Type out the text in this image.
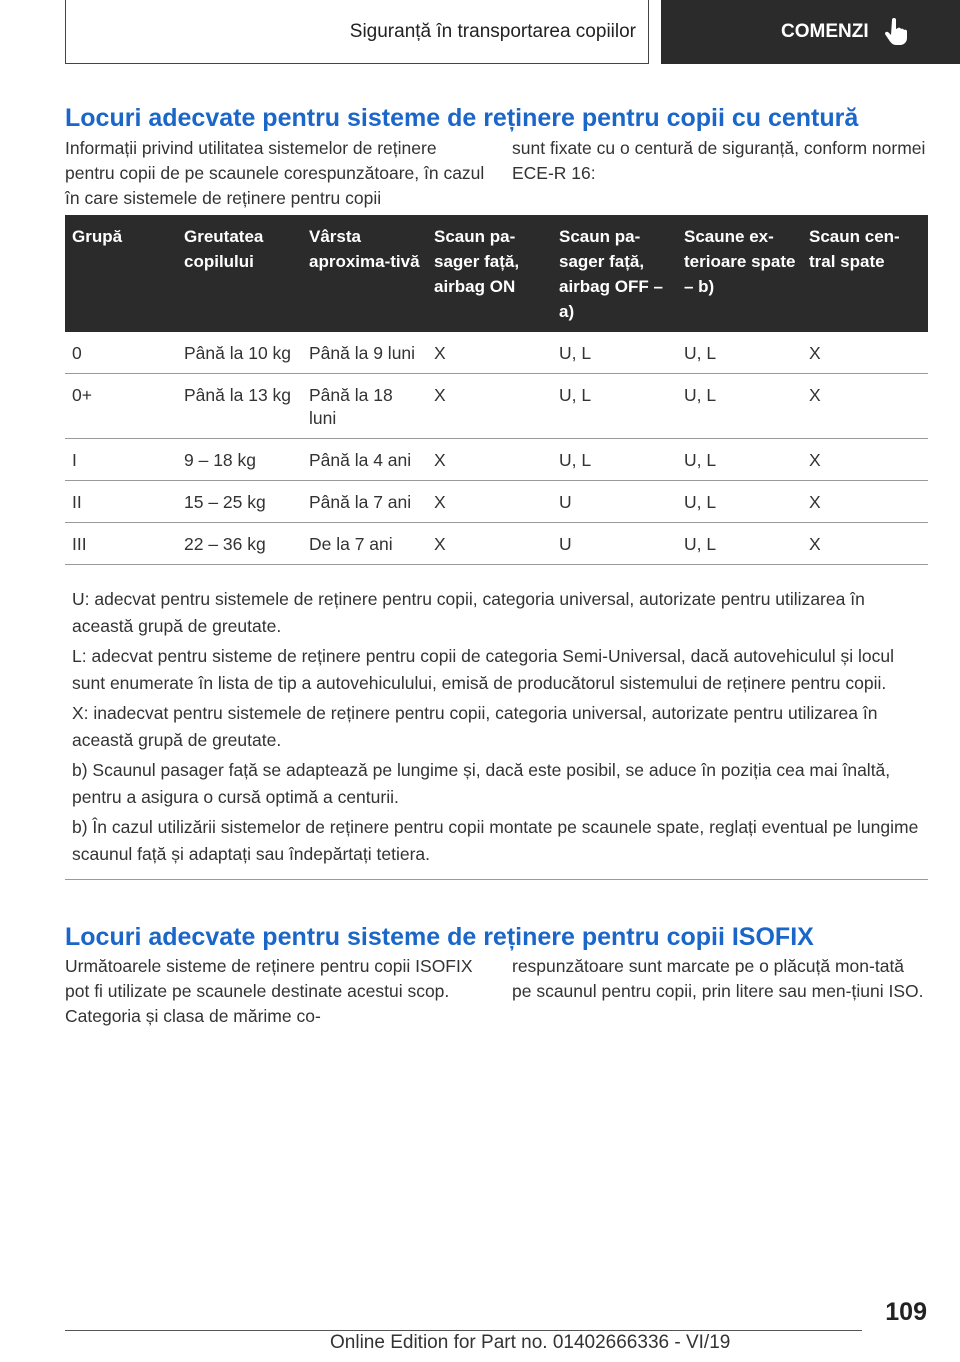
Siguranță în transportarea copiilor	COMENZI
Locuri adecvate pentru sisteme de reținere pentru copii cu centură
Informații privind utilitatea sistemelor de reținere pentru copii de pe scaunele corespunzătoare, în cazul în care sistemele de reținere pentru copii
sunt fixate cu o centură de siguranță, conform normei ECE-R 16:
Grupă	Greutatea copilului	Vârsta aproxima-tivă	Scaun pa-sager față, airbag ON	Scaun pa-sager față, airbag OFF – a)	Scaune ex-terioare spate – b)	Scaun cen-tral spate
0	Până la 10 kg	Până la 9 luni	X	U, L	U, L	X
0+	Până la 13 kg	Până la 18 luni	X	U, L	U, L	X
I	9 – 18 kg	Până la 4 ani	X	U, L	U, L	X
II	15 – 25 kg	Până la 7 ani	X	U	U, L	X
III	22 – 36 kg	De la 7 ani	X	U	U, L	X

U: adecvat pentru sistemele de reținere pentru copii, categoria universal, autorizate pentru utilizarea în această grupă de greutate.

L: adecvat pentru sisteme de reținere pentru copii de categoria Semi-Universal, dacă autovehiculul și locul sunt enumerate în lista de tip a autovehiculului, emisă de producătorul sistemului de reținere pentru copii.

X: inadecvat pentru sistemele de reținere pentru copii, categoria universal, autorizate pentru utilizarea în această grupă de greutate.

b) Scaunul pasager față se adaptează pe lungime și, dacă este posibil, se aduce în poziția cea mai înaltă, pentru a asigura o cursă optimă a centurii.

b) În cazul utilizării sistemelor de reținere pentru copii montate pe scaunele spate, reglați eventual pe lungime scaunul față și adaptați sau îndepărtați tetiera.

Locuri adecvate pentru sisteme de reținere pentru copii ISOFIX
Următoarele sisteme de reținere pentru copii ISOFIX pot fi utilizate pe scaunele destinate acestui scop. Categoria și clasa de mărime co-
respunzătoare sunt marcate pe o plăcuță mon-tată pe scaunul pentru copii, prin litere sau men-țiuni ISO.
109
Online Edition for Part no. 01402666336 - VI/19
